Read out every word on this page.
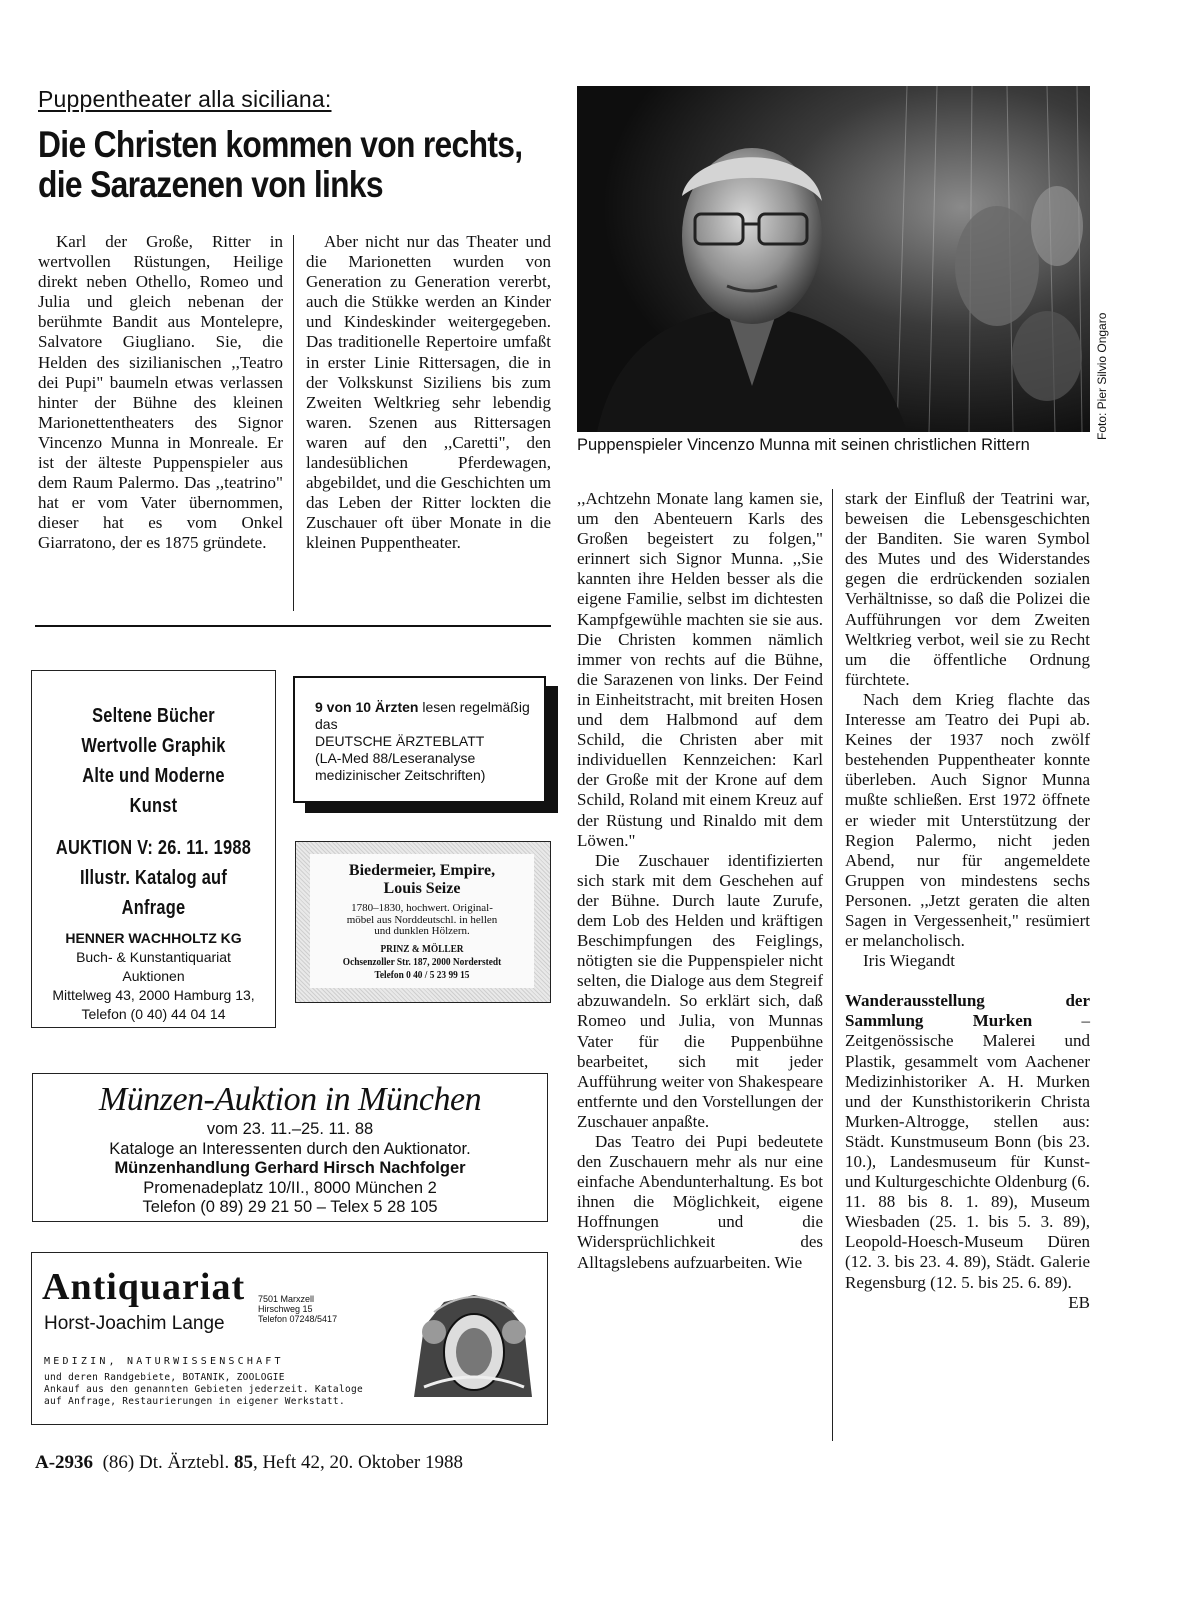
Puppentheater alla siciliana:
Die Christen kommen von rechts,
die Sarazenen von links

Karl der Große, Ritter in wertvollen Rüstungen, Heilige direkt neben Othello, Romeo und Julia und gleich nebenan der berühmte Bandit aus Montelepre, Salvatore Giugliano. Sie, die Helden des sizilianischen ,,Teatro dei Pupi" baumeln etwas verlassen hinter der Bühne des kleinen Marionettentheaters des Signor Vincenzo Munna in Monreale. Er ist der älteste Puppenspieler aus dem Raum Palermo. Das ,,teatrino" hat er vom Vater übernommen, dieser hat es vom Onkel Giarratono, der es 1875 gründete.

Aber nicht nur das Theater und die Marionetten wurden von Generation zu Generation vererbt, auch die Stükke werden an Kinder und Kindeskinder weitergegeben. Das traditionelle Repertoire umfaßt in erster Linie Rittersagen, die in der Volkskunst Siziliens bis zum Zweiten Weltkrieg sehr lebendig waren. Szenen aus Rittersagen waren auf den ,,Caretti", den landesüblichen Pferdewagen, abgebildet, und die Geschichten um das Leben der Ritter lockten die Zuschauer oft über Monate in die kleinen Puppentheater.

Foto: Pier Silvio Ongaro
Puppenspieler Vincenzo Munna mit seinen christlichen Rittern

,,Achtzehn Monate lang kamen sie, um den Abenteuern Karls des Großen begeistert zu folgen," erinnert sich Signor Munna. ,,Sie kannten ihre Helden besser als die eigene Familie, selbst im dichtesten Kampfgewühle machten sie sie aus. Die Christen kommen nämlich immer von rechts auf die Bühne, die Sarazenen von links. Der Feind in Einheitstracht, mit breiten Hosen und dem Halbmond auf dem Schild, die Christen aber mit individuellen Kennzeichen: Karl der Große mit der Krone auf dem Schild, Roland mit einem Kreuz auf der Rüstung und Rinaldo mit dem Löwen."

Die Zuschauer identifizierten sich stark mit dem Geschehen auf der Bühne. Durch laute Zurufe, dem Lob des Helden und kräftigen Beschimpfungen des Feiglings, nötigten sie die Puppenspieler nicht selten, die Dialoge aus dem Stegreif abzuwandeln. So erklärt sich, daß Romeo und Julia, von Munnas Vater für die Puppenbühne bearbeitet, sich mit jeder Aufführung weiter von Shakespeare entfernte und den Vorstellungen der Zuschauer anpaßte.

Das Teatro dei Pupi bedeutete den Zuschauern mehr als nur eine einfache Abendunterhaltung. Es bot ihnen die Möglichkeit, eigene Hoffnungen und die Widersprüchlichkeit des Alltagslebens aufzuarbeiten. Wie

stark der Einfluß der Teatrini war, beweisen die Lebensgeschichten der Banditen. Sie waren Symbol des Mutes und des Widerstandes gegen die erdrückenden sozialen Verhältnisse, so daß die Polizei die Aufführungen vor dem Zweiten Weltkrieg verbot, weil sie zu Recht um die öffentliche Ordnung fürchtete.

Nach dem Krieg flachte das Interesse am Teatro dei Pupi ab. Keines der 1937 noch zwölf bestehenden Puppentheater konnte überleben. Auch Signor Munna mußte schließen. Erst 1972 öffnete er wieder mit Unterstützung der Region Palermo, nicht jeden Abend, nur für angemeldete Gruppen von mindestens sechs Personen. ,,Jetzt geraten die alten Sagen in Vergessenheit," resümiert er melancholisch.

Iris Wiegandt

Wanderausstellung der Sammlung Murken	– Zeitgenössische Malerei und Plastik, gesammelt vom Aachener Medizinhistoriker A. H. Murken und der Kunsthistorikerin Christa Murken-Altrogge, stellen aus: Städt. Kunstmuseum Bonn (bis 23. 10.), Landesmuseum für Kunst- und Kulturgeschichte Oldenburg (6. 11. 88 bis 8. 1. 89), Museum Wiesbaden (25. 1. bis 5. 3. 89), Leopold-Hoesch-Museum Düren (12. 3. bis 23. 4. 89), Städt. Galerie Regensburg (12. 5. bis 25. 6. 89).

EB

Seltene Bücher
Wertvolle Graphik
Alte und Moderne
Kunst
AUKTION V: 26. 11. 1988
Illustr. Katalog auf Anfrage
HENNER WACHHOLTZ KG
Buch- & Kunstantiquariat
Auktionen
Mittelweg 43, 2000 Hamburg 13,
Telefon (0 40) 44 04 14
9 von 10 Ärzten lesen regelmäßig das
DEUTSCHE ÄRZTEBLATT
(LA-Med 88/Leseranalyse
medizinischer Zeitschriften)
Biedermeier, Empire,
Louis Seize
1780–1830, hochwert. Original-
möbel aus Norddeutschl. in hellen
und dunklen Hölzern.
PRINZ & MÖLLER
Ochsenzoller Str. 187, 2000 Norderstedt
Telefon 0 40 / 5 23 99 15
Münzen-Auktion in München
vom 23. 11.–25. 11. 88
Kataloge an Interessenten durch den Auktionator.
Münzenhandlung Gerhard Hirsch Nachfolger
Promenadeplatz 10/II., 8000 München 2
Telefon (0 89) 29 21 50 – Telex 5 28 105
Antiquariat
Horst-Joachim Lange
7501 Marxzell
Hirschweg 15
Telefon 07248/5417
MEDIZIN, NATURWISSENSCHAFT
und deren Randgebiete, BOTANIK, ZOOLOGIE
Ankauf aus den genannten Gebieten jederzeit. Kataloge
auf Anfrage, Restaurierungen in eigener Werkstatt.
A-2936  (86) Dt. Ärztebl. 85, Heft 42, 20. Oktober 1988
